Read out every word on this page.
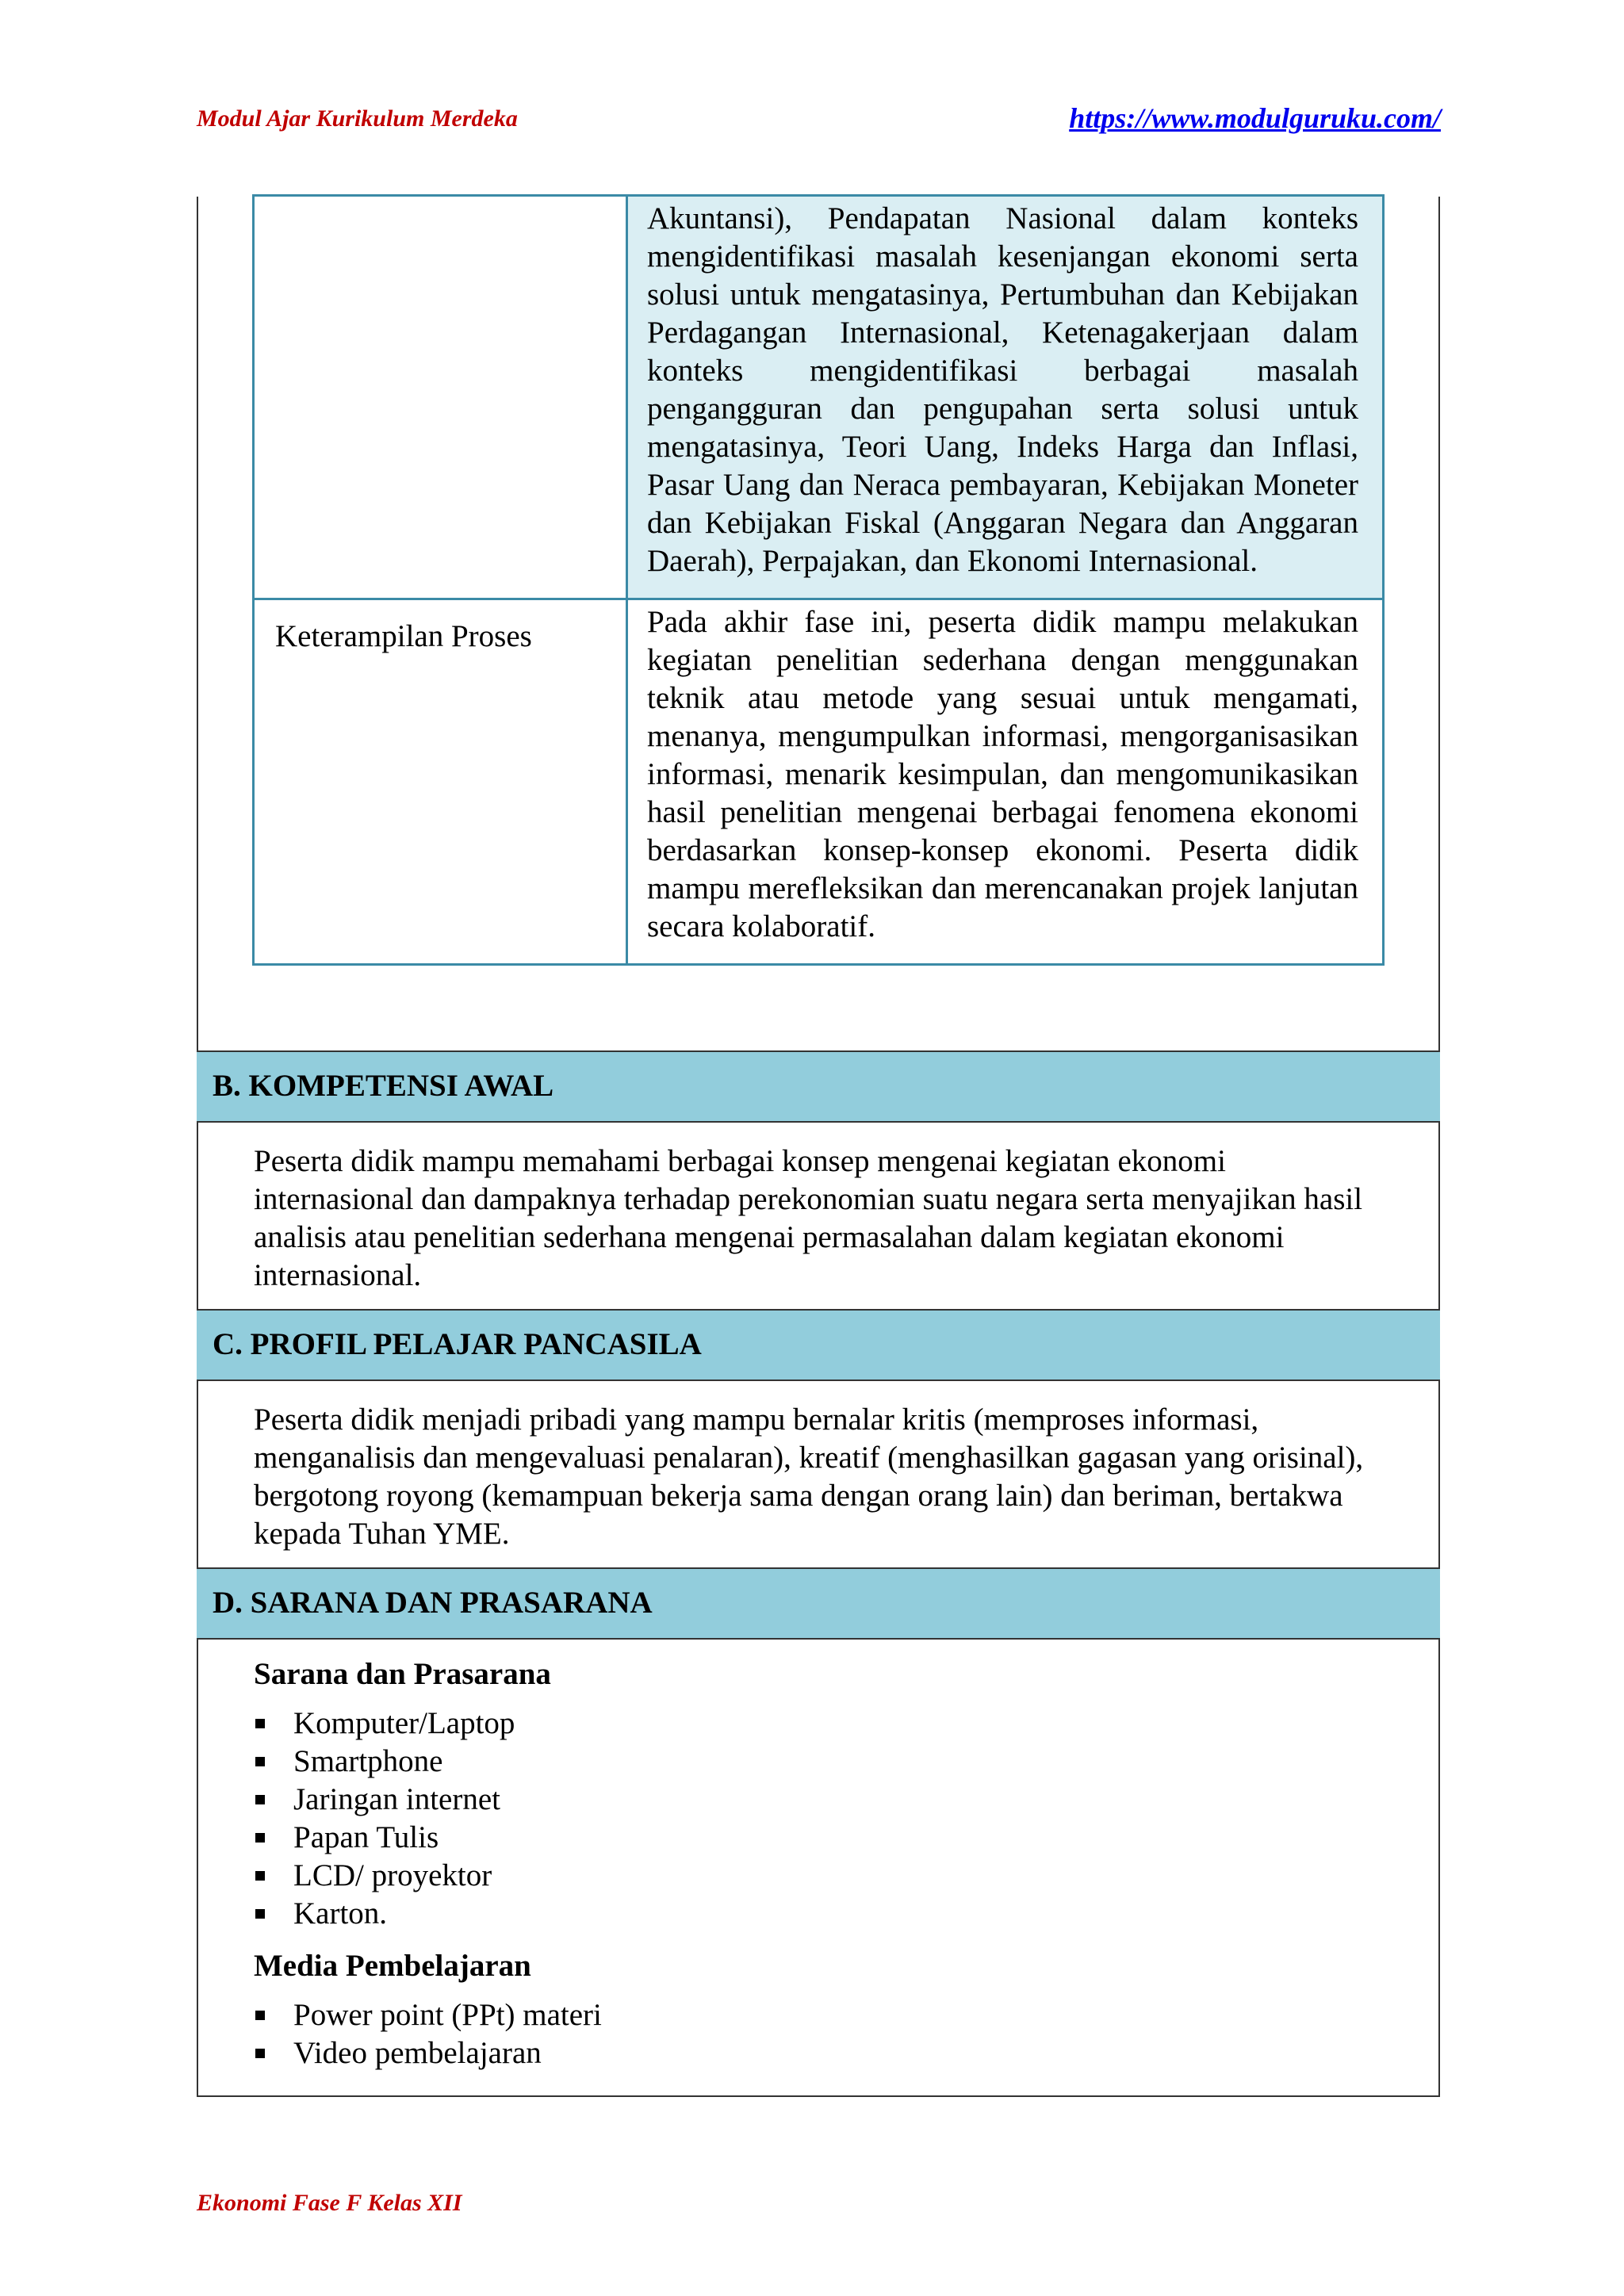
Modul Ajar Kurikulum Merdeka	https://www.modulguruku.com/
	Akuntansi), Pendapatan Nasional dalam konteks mengidentifikasi masalah kesenjangan ekonomi serta solusi untuk mengatasinya, Pertumbuhan dan Kebijakan Perdagangan Internasional, Ketenagakerjaan dalam konteks mengidentifikasi berbagai masalah pengangguran dan pengupahan serta solusi untuk mengatasinya, Teori Uang, Indeks Harga dan Inflasi, Pasar Uang dan Neraca pembayaran, Kebijakan Moneter dan Kebijakan Fiskal (Anggaran Negara dan Anggaran Daerah), Perpajakan, dan Ekonomi Internasional.
Keterampilan Proses	Pada akhir fase ini, peserta didik mampu melakukan kegiatan penelitian sederhana dengan menggunakan teknik atau metode yang sesuai untuk mengamati, menanya, mengumpulkan informasi, mengorganisasikan informasi, menarik kesimpulan, dan mengomunikasikan hasil penelitian mengenai berbagai fenomena ekonomi berdasarkan konsep-konsep ekonomi. Peserta didik mampu merefleksikan dan merencanakan projek lanjutan secara kolaboratif.
B. KOMPETENSI AWAL
Peserta didik mampu memahami berbagai konsep mengenai kegiatan ekonomi internasional dan dampaknya terhadap perekonomian suatu negara serta menyajikan hasil analisis atau penelitian sederhana mengenai permasalahan dalam kegiatan ekonomi internasional.
C. PROFIL PELAJAR PANCASILA
Peserta didik menjadi pribadi yang mampu bernalar kritis (memproses informasi, menganalisis dan mengevaluasi penalaran), kreatif (menghasilkan gagasan yang orisinal), bergotong royong (kemampuan bekerja sama dengan orang lain) dan beriman, bertakwa kepada Tuhan YME.
D. SARANA DAN PRASARANA

Sarana dan Prasarana

Komputer/Laptop
Smartphone
Jaringan internet
Papan Tulis
LCD/ proyektor
Karton.

Media Pembelajaran

Power point (PPt) materi
Video pembelajaran
Ekonomi Fase F Kelas XII
